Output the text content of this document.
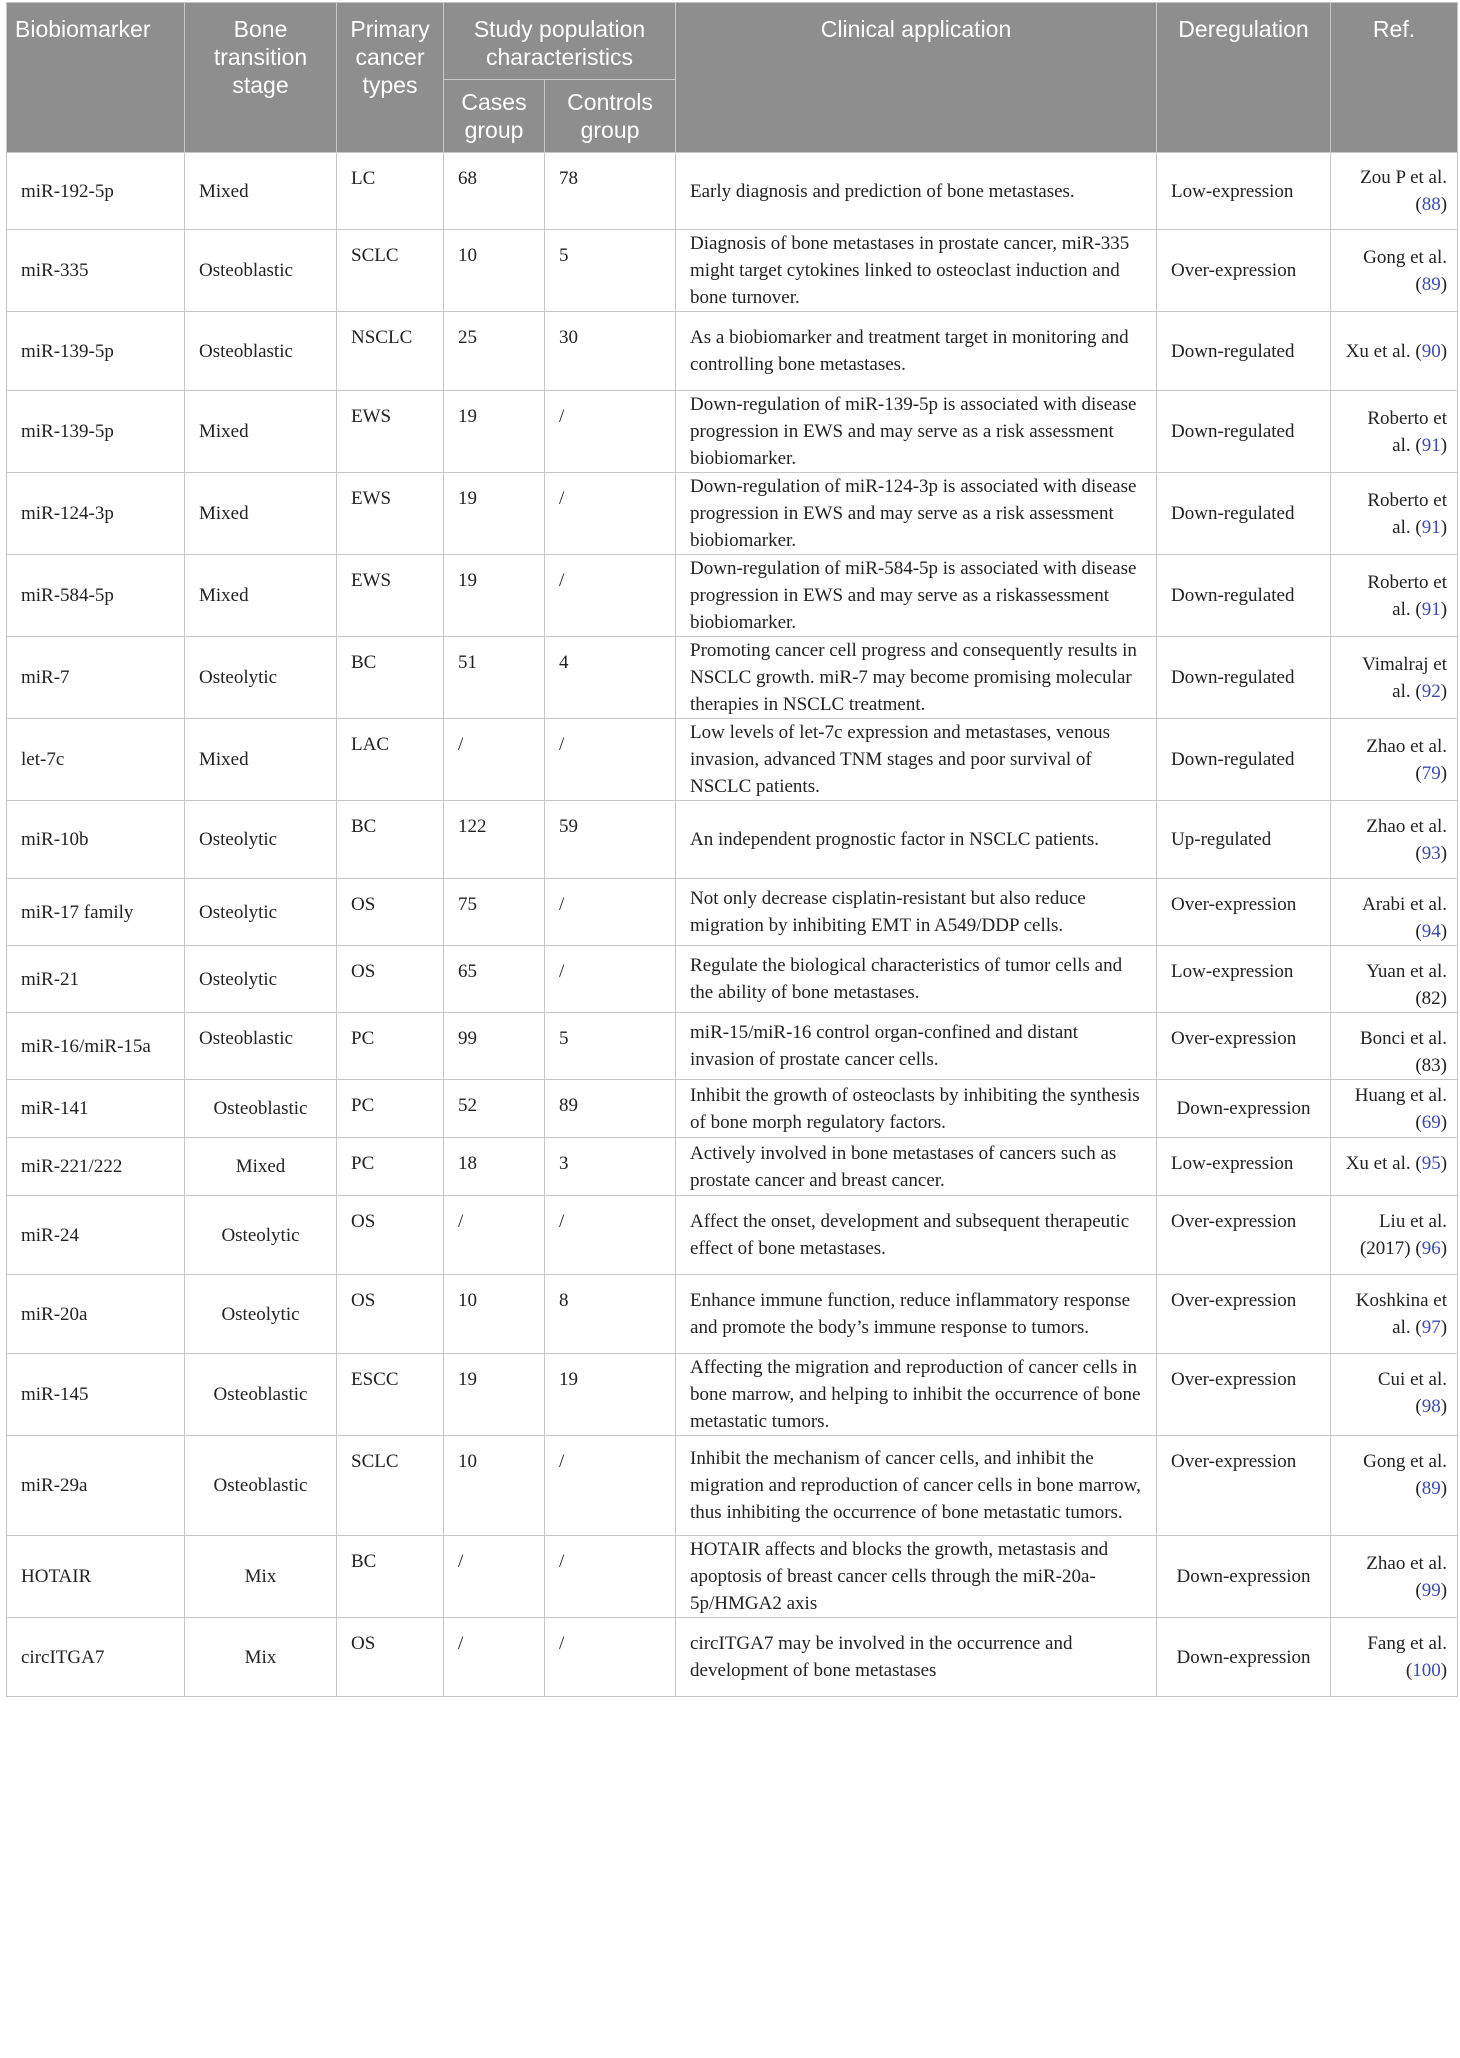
Biobiomarker	Bone transition stage	Primary cancer types	Study population characteristics		Clinical application	Deregulation	Ref.
			Cases group	Controls group			
miR-192-5p	Mixed	LC	68	78	Early diagnosis and prediction of bone metastases.	Low-expression	Zou P et al. (88)
miR-335	Osteoblastic	SCLC	10	5	Diagnosis of bone metastases in prostate cancer, miR-335 might target cytokines linked to osteoclast induction and bone turnover.	Over-expression	Gong et al. (89)
miR-139-5p	Osteoblastic	NSCLC	25	30	As a biobiomarker and treatment target in monitoring and controlling bone metastases.	Down-regulated	Xu et al. (90)
miR-139-5p	Mixed	EWS	19	/	Down-regulation of miR-139-5p is associated with disease progression in EWS and may serve as a risk assessment biobiomarker.	Down-regulated	Roberto et al. (91)
miR-124-3p	Mixed	EWS	19	/	Down-regulation of miR-124-3p is associated with disease progression in EWS and may serve as a risk assessment biobiomarker.	Down-regulated	Roberto et al. (91)
miR-584-5p	Mixed	EWS	19	/	Down-regulation of miR-584-5p is associated with disease progression in EWS and may serve as a riskassessment biobiomarker.	Down-regulated	Roberto et al. (91)
miR-7	Osteolytic	BC	51	4	Promoting cancer cell progress and consequently results in NSCLC growth. miR-7 may become promising molecular therapies in NSCLC treatment.	Down-regulated	Vimalraj et al. (92)
let-7c	Mixed	LAC	/	/	Low levels of let-7c expression and metastases, venous invasion, advanced TNM stages and poor survival of NSCLC patients.	Down-regulated	Zhao et al. (79)
miR-10b	Osteolytic	BC	122	59	An independent prognostic factor in NSCLC patients.	Up-regulated	Zhao et al. (93)
miR-17 family	Osteolytic	OS	75	/	Not only decrease cisplatin-resistant but also reduce migration by inhibiting EMT in A549/DDP cells.	Over-expression	Arabi et al. (94)
miR-21	Osteolytic	OS	65	/	Regulate the biological characteristics of tumor cells and the ability of bone metastases.	Low-expression	Yuan et al.(82)
miR-16/miR-15a	Osteoblastic	PC	99	5	miR-15/miR-16 control organ-confined and distant invasion of prostate cancer cells.	Over-expression	Bonci et al.(83)
miR-141	Osteoblastic	PC	52	89	Inhibit the growth of osteoclasts by inhibiting the synthesis of bone morph regulatory factors.	Down-expression	Huang et al. (69)
miR-221/222	Mixed	PC	18	3	Actively involved in bone metastases of cancers such as prostate cancer and breast cancer.	Low-expression	Xu et al. (95)
miR-24	Osteolytic	OS	/	/	Affect the onset, development and subsequent therapeutic effect of bone metastases.	Over-expression	Liu et al. (2017) (96)
miR-20a	Osteolytic	OS	10	8	Enhance immune function, reduce inflammatory response and promote the body’s immune response to tumors.	Over-expression	Koshkina et al. (97)
miR-145	Osteoblastic	ESCC	19	19	Affecting the migration and reproduction of cancer cells in bone marrow, and helping to inhibit the occurrence of bone metastatic tumors.	Over-expression	Cui et al. (98)
miR-29a	Osteoblastic	SCLC	10	/	Inhibit the mechanism of cancer cells, and inhibit the migration and reproduction of cancer cells in bone marrow, thus inhibiting the occurrence of bone metastatic tumors.	Over-expression	Gong et al. (89)
HOTAIR	Mix	BC	/	/	HOTAIR affects and blocks the growth, metastasis and apoptosis of breast cancer cells through the miR-20a-5p/HMGA2 axis	Down-expression	Zhao et al. (99)
circITGA7	Mix	OS	/	/	circITGA7 may be involved in the occurrence and development of bone metastases	Down-expression	Fang et al. (100)
